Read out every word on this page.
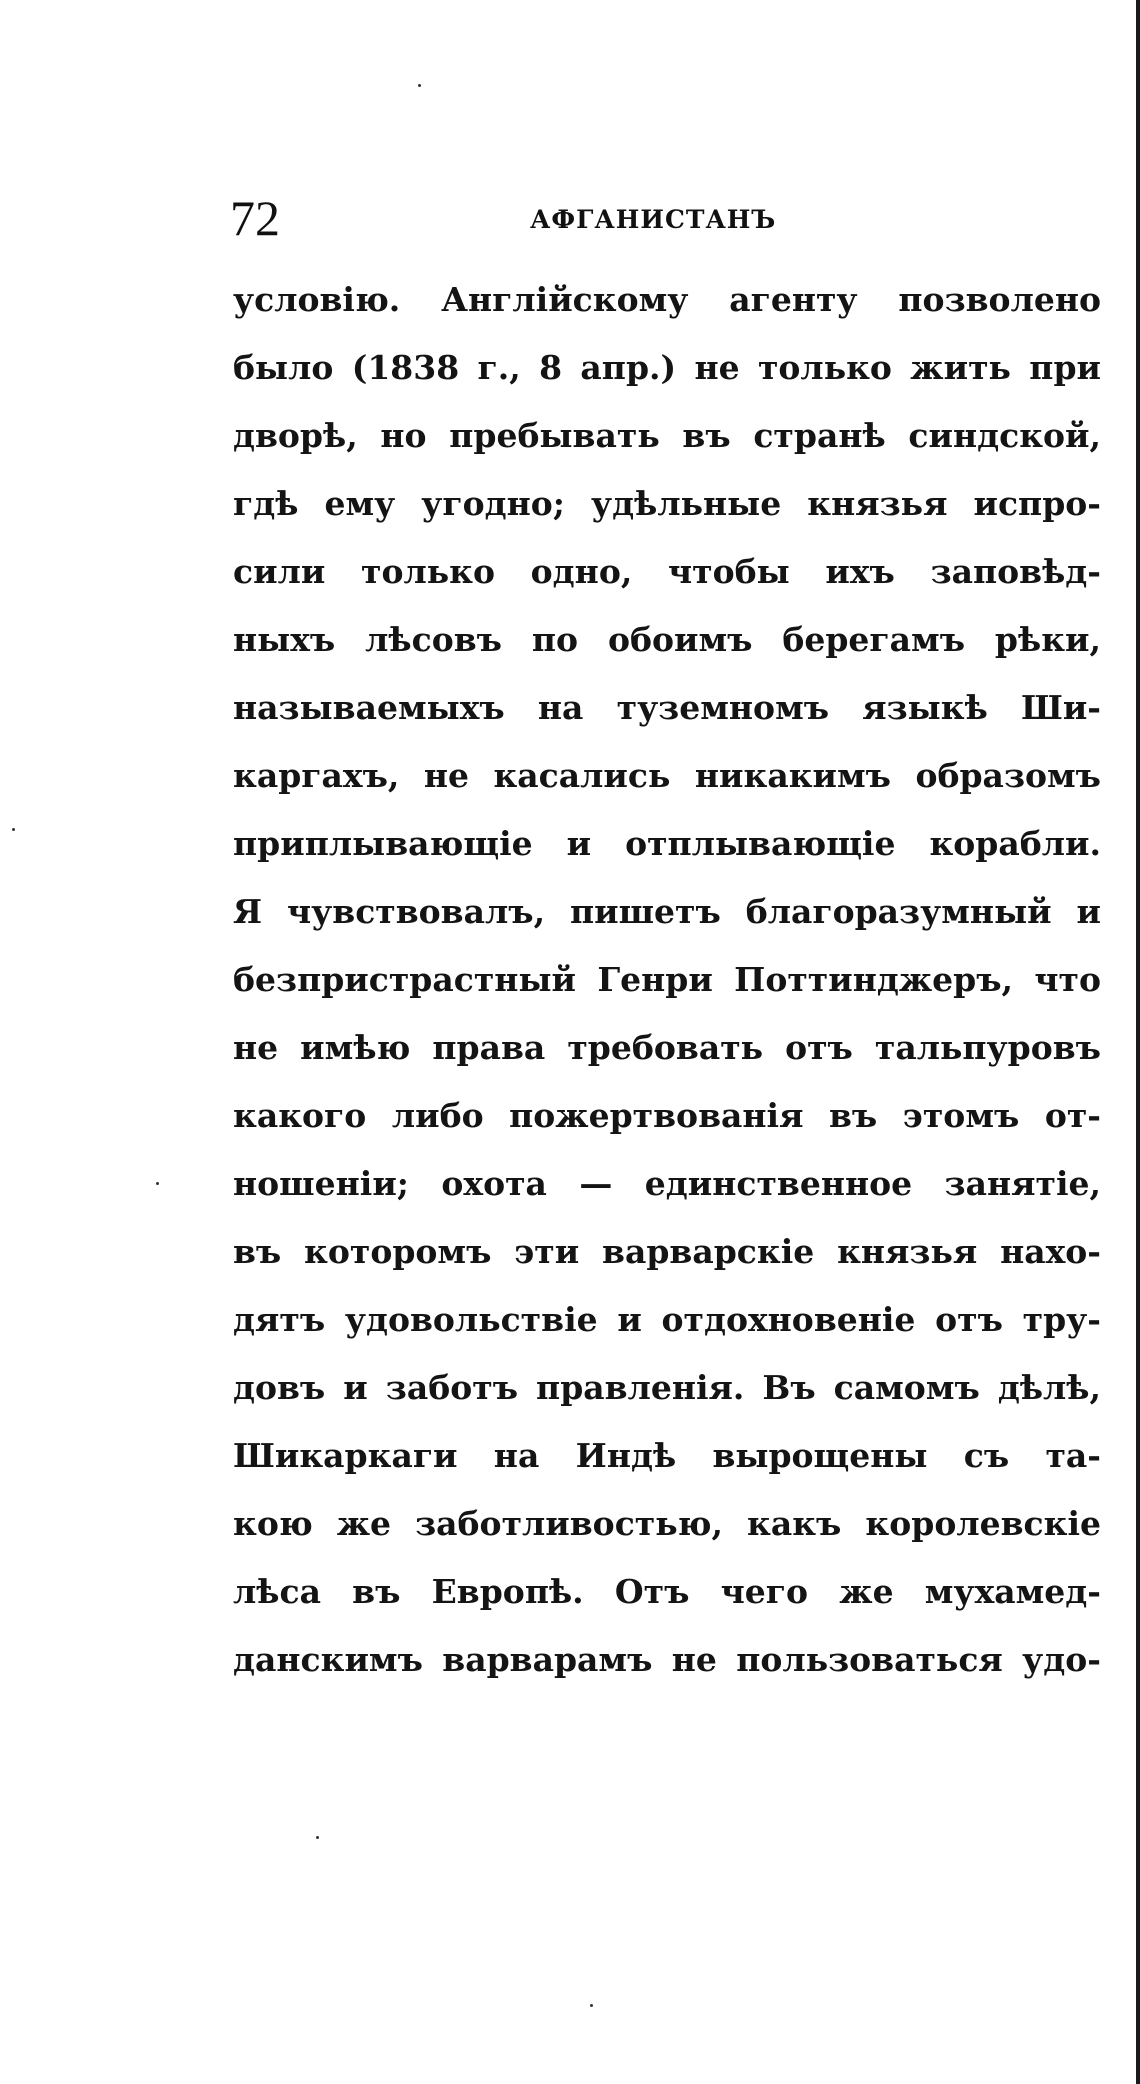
72	АФГАНИСТАНЪ
условію. Англійскому агенту позволено
было (1838 г., 8 апр.) не только жить при
дворѣ, но пребывать въ странѣ синдской,
гдѣ ему угодно; удѣльные князья испро-
сили только одно, чтобы ихъ заповѣд-
ныхъ лѣсовъ по обоимъ берегамъ рѣки,
называемыхъ на туземномъ языкѣ Ши-
каргахъ, не касались никакимъ образомъ
приплывающіе и отплывающіе корабли.
Я чувствовалъ, пишетъ благоразумный и
безпристрастный Генри Поттинджеръ, что
не имѣю права требовать отъ тальпуровъ
какого либо пожертвованія въ этомъ от-
ношеніи; охота — единственное занятіе,
въ которомъ эти варварскіе князья нахо-
дятъ удовольствіе и отдохновеніе отъ тру-
довъ и заботъ правленія. Въ самомъ дѣлѣ,
Шикаркаги на Индѣ вырощены съ та-
кою же заботливостью, какъ королевскіе
лѣса въ Европѣ. Отъ чего же мухамед-
данскимъ варварамъ не пользоваться удо-
